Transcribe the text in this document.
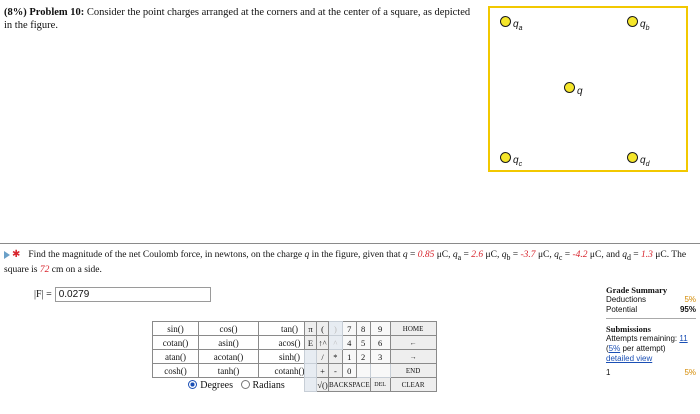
(8%) Problem 10: Consider the point charges arranged at the corners and at the center of a square, as depicted in the figure.	$q_a$	$q_b$
q
$q_c$	$q_d$
✱ Find the magnitude of the net Coulomb force, in newtons, on the charge q in the figure, given that q = 0.85 μC, $q_a = 2.6$ μC, $q_b = -3.7$ μC, $q_c = -4.2$ μC, and $q_d = 1.3$ μC. The square is 72 cm on a side.
|F| = 0.0279
sin()	cos()	tan()
cotan()	asin()	acos()
atan()	acotan()	sinh()
cosh()	tanh()	cotanh()
Degrees Radians
π	(	)	7	8	9	HOME
E	↑^	^	4	5	6	←
	/	*	1	2	3	→
	+	-	0			END
	√()	BACKSPACE			DEL	CLEAR
Grade Summary
Deductions	5%
Potential	95%
Submissions
Attempts remaining: 11
(5% per attempt)
detailed view
1	5%
